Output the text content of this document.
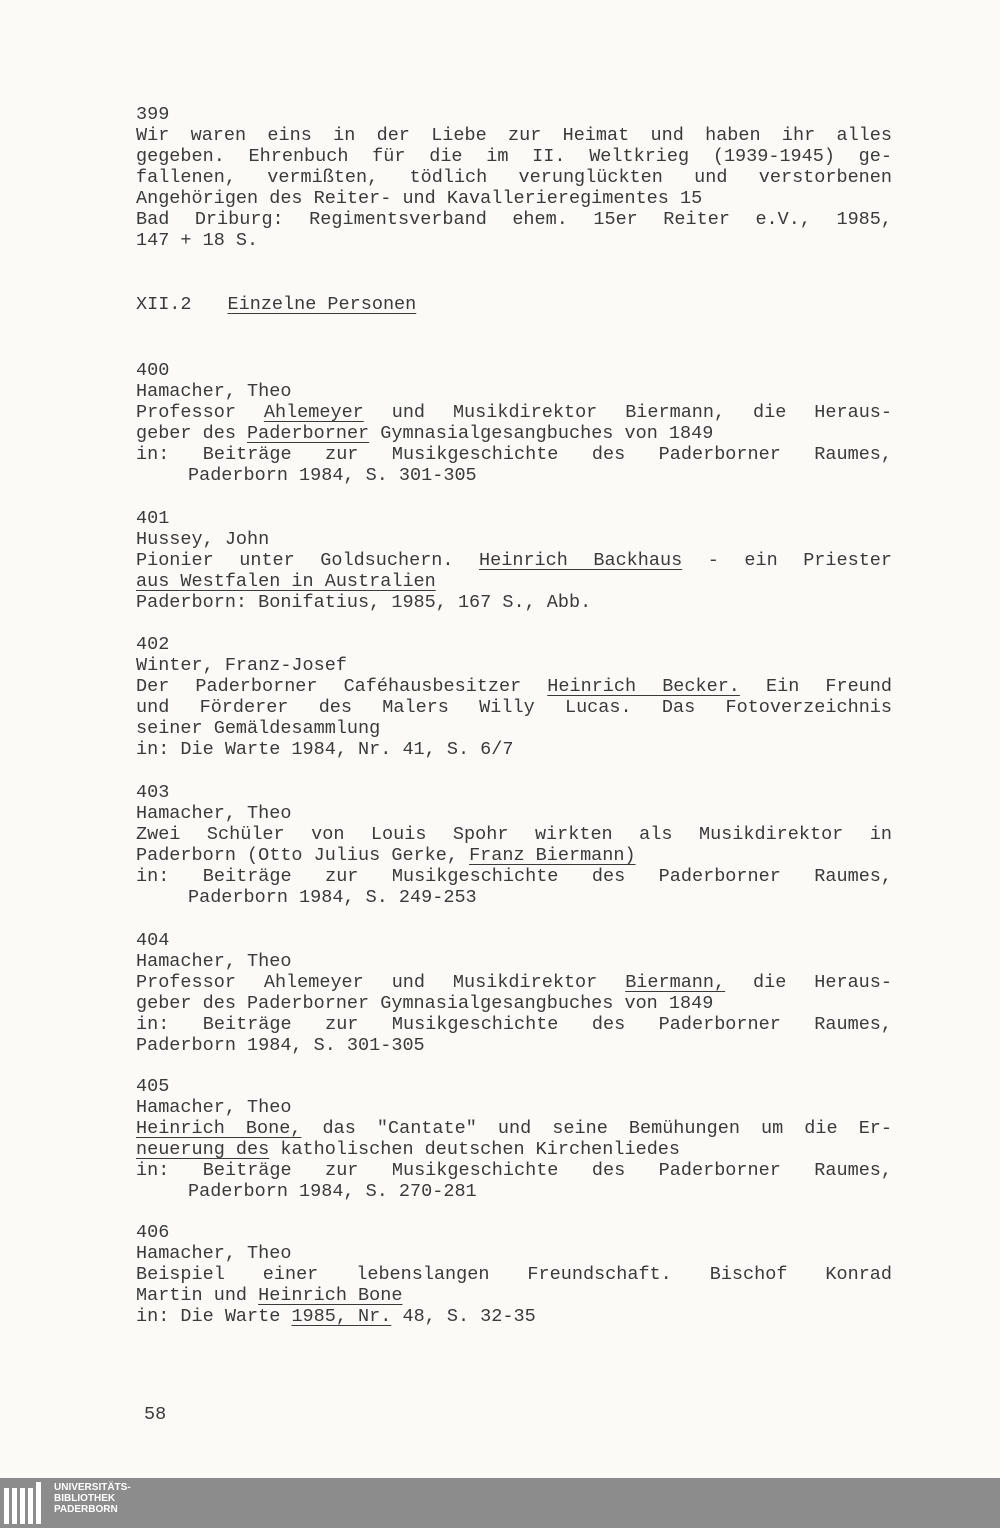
399
Wir waren eins in der Liebe zur Heimat und haben ihr alles
gegeben. Ehrenbuch für die im II. Weltkrieg (1939-1945) ge-
fallenen, vermißten, tödlich verunglückten und verstorbenen
Angehörigen des Reiter- und Kavallerieregimentes 15
Bad Driburg: Regimentsverband ehem. 15er Reiter e.V., 1985,
147 + 18 S.
XII.2 Einzelne Personen
400
Hamacher, Theo
Professor Ahlemeyer und Musikdirektor Biermann, die Heraus-
geber des Paderborner Gymnasialgesangbuches von 1849
in: Beiträge zur Musikgeschichte des Paderborner Raumes,
Paderborn 1984, S. 301-305
401
Hussey, John
Pionier unter Goldsuchern. Heinrich Backhaus - ein Priester
aus Westfalen in Australien
Paderborn: Bonifatius, 1985, 167 S., Abb.
402
Winter, Franz-Josef
Der Paderborner Caféhausbesitzer Heinrich Becker. Ein Freund
und Förderer des Malers Willy Lucas. Das Fotoverzeichnis
seiner Gemäldesammlung
in: Die Warte 1984, Nr. 41, S. 6/7
403
Hamacher, Theo
Zwei Schüler von Louis Spohr wirkten als Musikdirektor in
Paderborn (Otto Julius Gerke, Franz Biermann)
in: Beiträge zur Musikgeschichte des Paderborner Raumes,
Paderborn 1984, S. 249-253
404
Hamacher, Theo
Professor Ahlemeyer und Musikdirektor Biermann, die Heraus-
geber des Paderborner Gymnasialgesangbuches von 1849
in: Beiträge zur Musikgeschichte des Paderborner Raumes,
Paderborn 1984, S. 301-305
405
Hamacher, Theo
Heinrich Bone, das "Cantate" und seine Bemühungen um die Er-
neuerung des katholischen deutschen Kirchenliedes
in: Beiträge zur Musikgeschichte des Paderborner Raumes,
Paderborn 1984, S. 270-281
406
Hamacher, Theo
Beispiel einer lebenslangen Freundschaft. Bischof Konrad
Martin und Heinrich Bone
in: Die Warte 1985, Nr. 48, S. 32-35
58
UNIVERSITÄTS-
BIBLIOTHEK
PADERBORN
